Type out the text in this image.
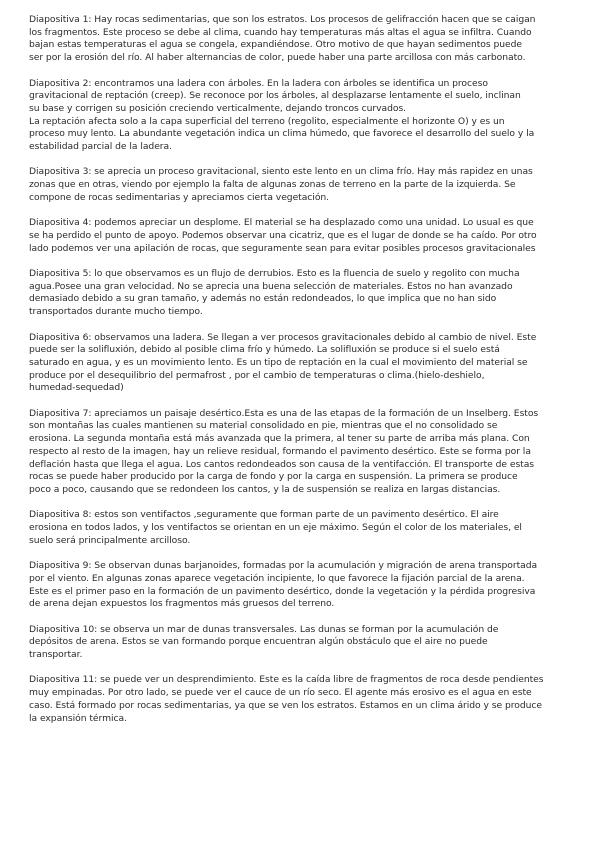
Diapositiva 1: Hay rocas sedimentarias, que son los estratos. Los procesos de gelifracción hacen que se caigan
los fragmentos. Este proceso se debe al clima, cuando hay temperaturas más altas el agua se infiltra. Cuando
bajan estas temperaturas el agua se congela, expandiéndose. Otro motivo de que hayan sedimentos puede
ser por la erosión del río. Al haber alternancias de color, puede haber una parte arcillosa con más carbonato.

Diapositiva 2: encontramos una ladera con árboles. En la ladera con árboles se identifica un proceso
gravitacional de reptación (creep). Se reconoce por los árboles, al desplazarse lentamente el suelo, inclinan
su base y corrigen su posición creciendo verticalmente, dejando troncos curvados.
La reptación afecta solo a la capa superficial del terreno (regolito, especialmente el horizonte O) y es un
proceso muy lento. La abundante vegetación indica un clima húmedo, que favorece el desarrollo del suelo y la
estabilidad parcial de la ladera.

Diapositiva 3: se aprecia un proceso gravitacional, siento este lento en un clima frío. Hay más rapidez en unas
zonas que en otras, viendo por ejemplo la falta de algunas zonas de terreno en la parte de la izquierda. Se
compone de rocas sedimentarias y apreciamos cierta vegetación.

Diapositiva 4: podemos apreciar un desplome. El material se ha desplazado como una unidad. Lo usual es que
se ha perdido el punto de apoyo. Podemos observar una cicatriz, que es el lugar de donde se ha caído. Por otro
lado podemos ver una apilación de rocas, que seguramente sean para evitar posibles procesos gravitacionales

Diapositiva 5: lo que observamos es un flujo de derrubios. Esto es la fluencia de suelo y regolito con mucha
agua.Posee una gran velocidad. No se aprecia una buena selección de materiales. Estos no han avanzado
demasiado debido a su gran tamaño, y además no están redondeados, lo que implica que no han sido
transportados durante mucho tiempo.

Diapositiva 6: observamos una ladera. Se llegan a ver procesos gravitacionales debido al cambio de nivel. Este
puede ser la solifluxión, debido al posible clima frío y húmedo. La solifluxión se produce si el suelo está
saturado en agua, y es un movimiento lento. Es un tipo de reptación en la cual el movimiento del material se
produce por el desequilibrio del permafrost , por el cambio de temperaturas o clima.(hielo-deshielo,
humedad-sequedad)

Diapositiva 7: apreciamos un paisaje desértico.Esta es una de las etapas de la formación de un Inselberg. Estos
son montañas las cuales mantienen su material consolidado en pie, mientras que el no consolidado se
erosiona. La segunda montaña está más avanzada que la primera, al tener su parte de arriba más plana. Con
respecto al resto de la imagen, hay un relieve residual, formando el pavimento desértico. Este se forma por la
deflación hasta que llega el agua. Los cantos redondeados son causa de la ventifacción. El transporte de estas
rocas se puede haber producido por la carga de fondo y por la carga en suspensión. La primera se produce
poco a poco, causando que se redondeen los cantos, y la de suspensión se realiza en largas distancias.

Diapositiva 8: estos son ventifactos ,seguramente que forman parte de un pavimento desértico. El aire
erosiona en todos lados, y los ventifactos se orientan en un eje máximo. Según el color de los materiales, el
suelo será principalmente arcilloso.

Diapositiva 9: Se observan dunas barjanoides, formadas por la acumulación y migración de arena transportada
por el viento. En algunas zonas aparece vegetación incipiente, lo que favorece la fijación parcial de la arena.
Este es el primer paso en la formación de un pavimento desértico, donde la vegetación y la pérdida progresiva
de arena dejan expuestos los fragmentos más gruesos del terreno.

Diapositiva 10: se observa un mar de dunas transversales. Las dunas se forman por la acumulación de
depósitos de arena. Estos se van formando porque encuentran algún obstáculo que el aire no puede
transportar.

Diapositiva 11: se puede ver un desprendimiento. Este es la caída libre de fragmentos de roca desde pendientes
muy empinadas. Por otro lado, se puede ver el cauce de un río seco. El agente más erosivo es el agua en este
caso. Está formado por rocas sedimentarias, ya que se ven los estratos. Estamos en un clima árido y se produce
la expansión térmica.
